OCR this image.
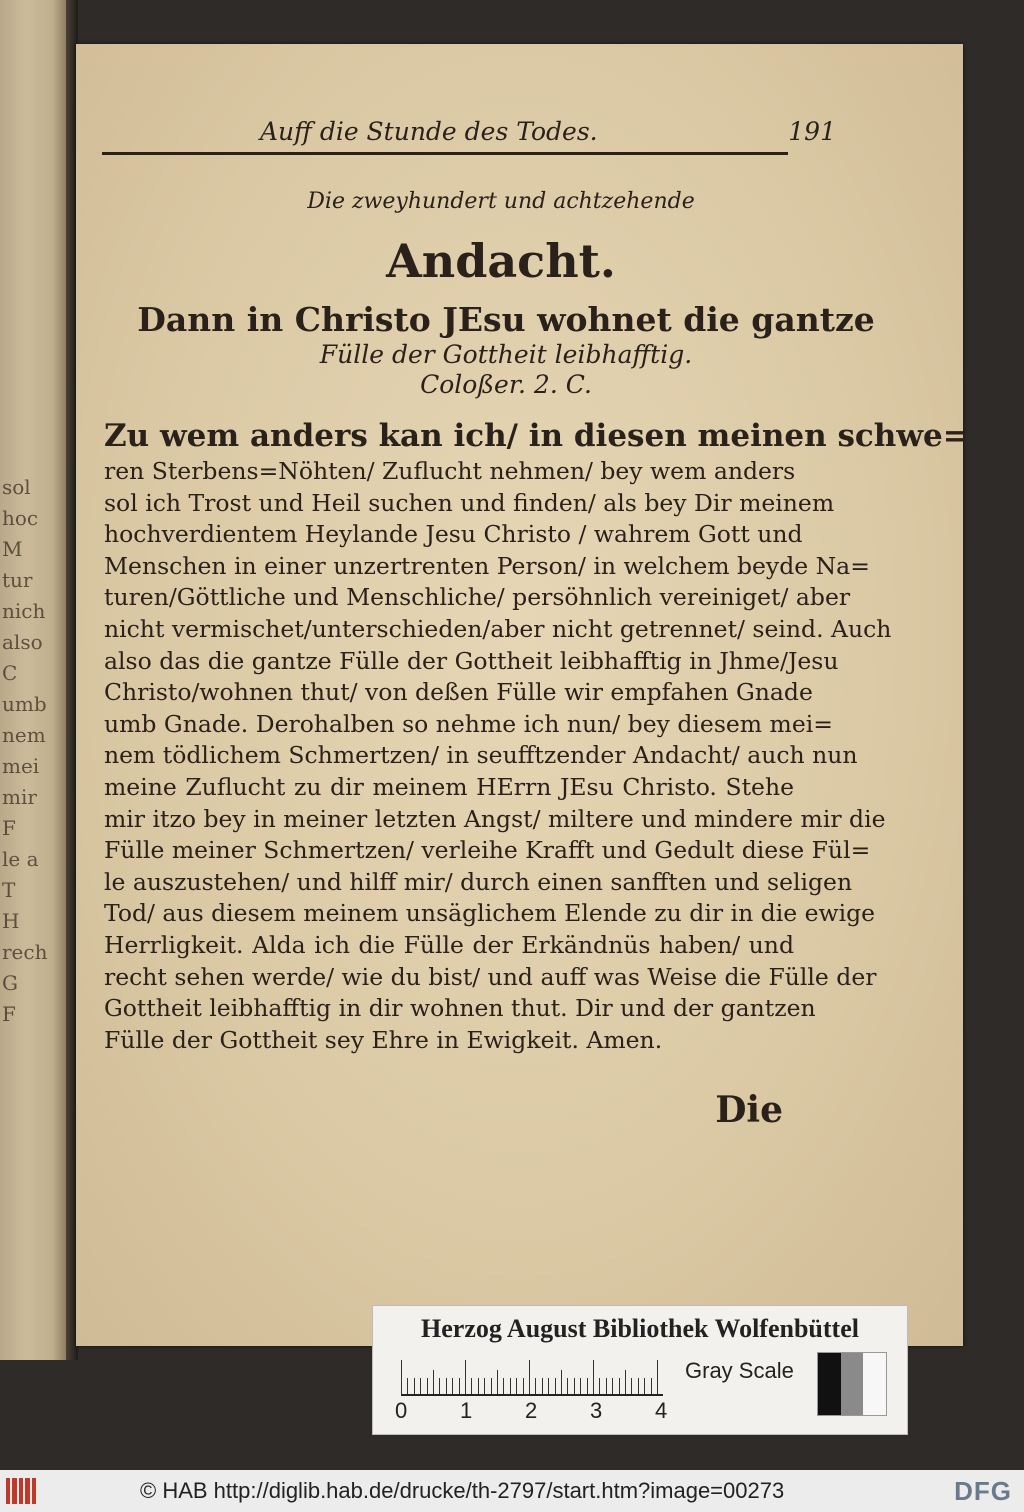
sol
hoc
M
tur
nich
also
C
umb
nem
mei
mir
F
le a
T
H
rech
G
F
Auff die Stunde des Todes.	191
Die zweyhundert und achtzehende
Andacht.
Dann in Christo JEsu wohnet die gantze
Fülle der Gottheit leibhafftig.
Coloßer. 2. C.
Zu wem anders kan ich/ in diesen meinen schwe=
ren Sterbens=Nöhten/ Zuflucht nehmen/ bey wem anders
sol ich Trost und Heil suchen und finden/ als bey Dir meinem
hochverdientem Heylande Jesu Christo / wahrem Gott und
Menschen in einer unzertrenten Person/ in welchem beyde Na=
turen/Göttliche und Menschliche/ persöhnlich vereiniget/ aber
nicht vermischet/unterschieden/aber nicht getrennet/ seind. Auch
also das die gantze Fülle der Gottheit leibhafftig in Jhme/Jesu
Christo/wohnen thut/ von deßen Fülle wir empfahen Gnade
umb Gnade. Derohalben so nehme ich nun/ bey diesem mei=
nem tödlichem Schmertzen/ in seufftzender Andacht/ auch nun
meine Zuflucht zu dir meinem HErrn JEsu Christo. Stehe
mir itzo bey in meiner letzten Angst/ miltere und mindere mir die
Fülle meiner Schmertzen/ verleihe Krafft und Gedult diese Fül=
le auszustehen/ und hilff mir/ durch einen sanfften und seligen
Tod/ aus diesem meinem unsäglichem Elende zu dir in die ewige
Herrligkeit. Alda ich die Fülle der Erkändnüs haben/ und
recht sehen werde/ wie du bist/ und auff was Weise die Fülle der
Gottheit leibhafftig in dir wohnen thut. Dir und der gantzen
Fülle der Gottheit sey Ehre in Ewigkeit. Amen.
Die
Herzog August Bibliothek Wolfenbüttel
0 1 2 3 4
Gray Scale
© HAB http://diglib.hab.de/drucke/th-2797/start.htm?image=00273	DFG
